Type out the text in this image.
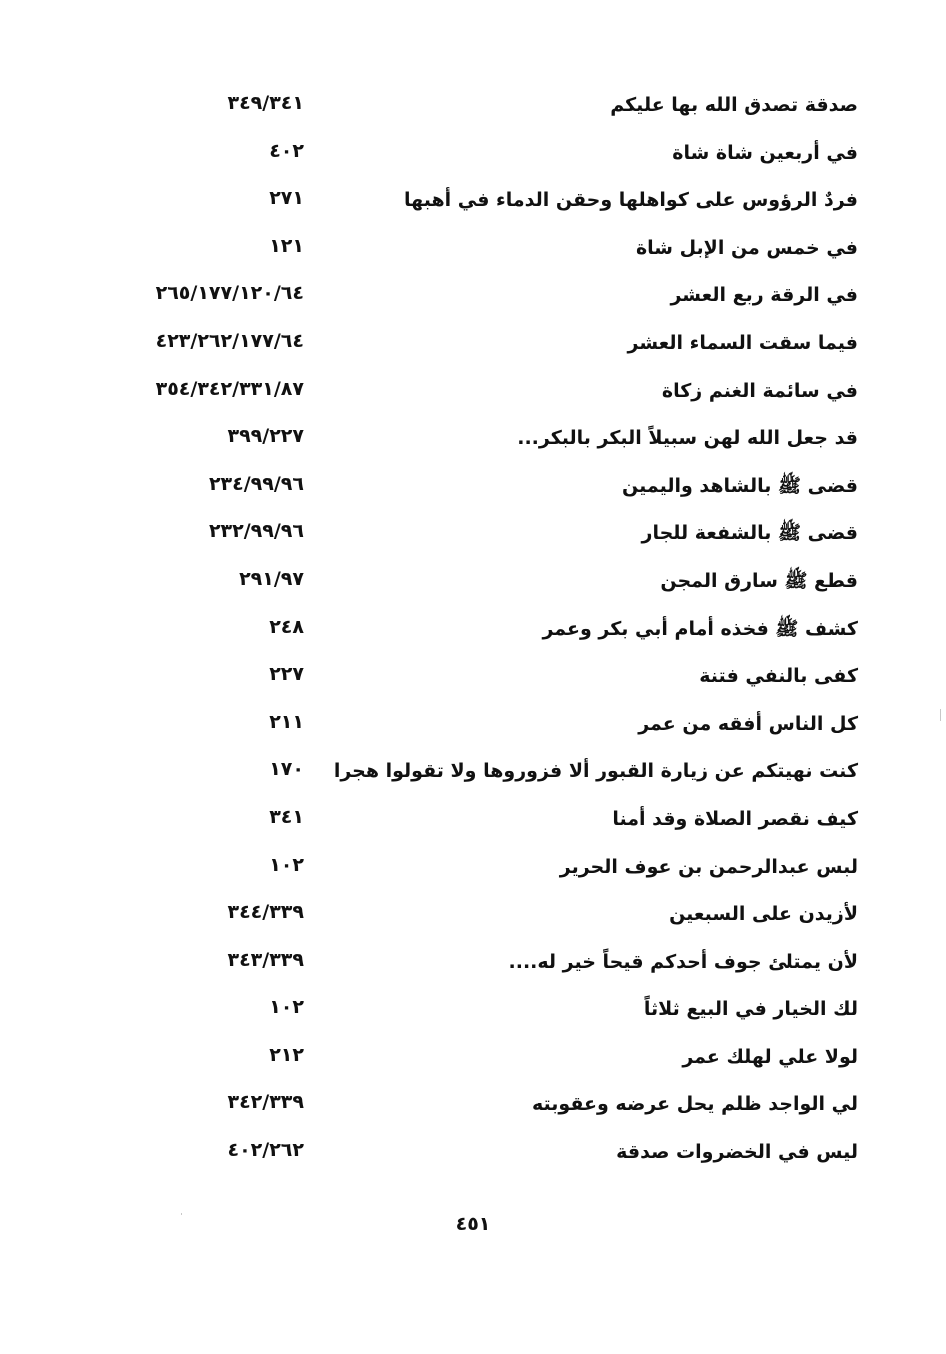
صدقة تصدق الله بها عليكم
٣٤٩/٣٤١
في أربعين شاة شاة
٤٠٢
فردٌ الرؤوس على كواهلها وحقن الدماء في أهبها
٢٧١
في خمس من الإبل شاة
١٢١
في الرقة ربع العشر
٢٦٥/١٧٧/١٢٠/٦٤
فيما سقت السماء العشر
٤٢٣/٢٦٢/١٧٧/٦٤
في سائمة الغنم زكاة
٣٥٤/٣٤٢/٣٣١/٨٧
قد جعل الله لهن سبيلاً البكر بالبكر...
٣٩٩/٢٢٧
قضى ﷺ بالشاهد واليمين
٢٣٤/٩٩/٩٦
قضى ﷺ بالشفعة للجار
٢٣٢/٩٩/٩٦
قطع ﷺ سارق المجن
٢٩١/٩٧
كشف ﷺ فخذه أمام أبي بكر وعمر
٢٤٨
كفى بالنفي فتنة
٢٢٧
كل الناس أفقه من عمر
٢١١
كنت نهيتكم عن زيارة القبور ألا فزوروها ولا تقولوا هجرا
١٧٠
كيف نقصر الصلاة وقد أمنا
٣٤١
لبس عبدالرحمن بن عوف الحرير
١٠٢
لأزيدن على السبعين
٣٤٤/٣٣٩
لأن يمتلئ جوف أحدكم قيحاً خير له....
٣٤٣/٣٣٩
لك الخيار في البيع ثلاثاً
١٠٢
لولا علي لهلك عمر
٢١٢
لي الواجد ظلم يحل عرضه وعقوبته
٣٤٢/٣٣٩
ليس في الخضروات صدقة
٤٠٢/٢٦٢
٤٥١
